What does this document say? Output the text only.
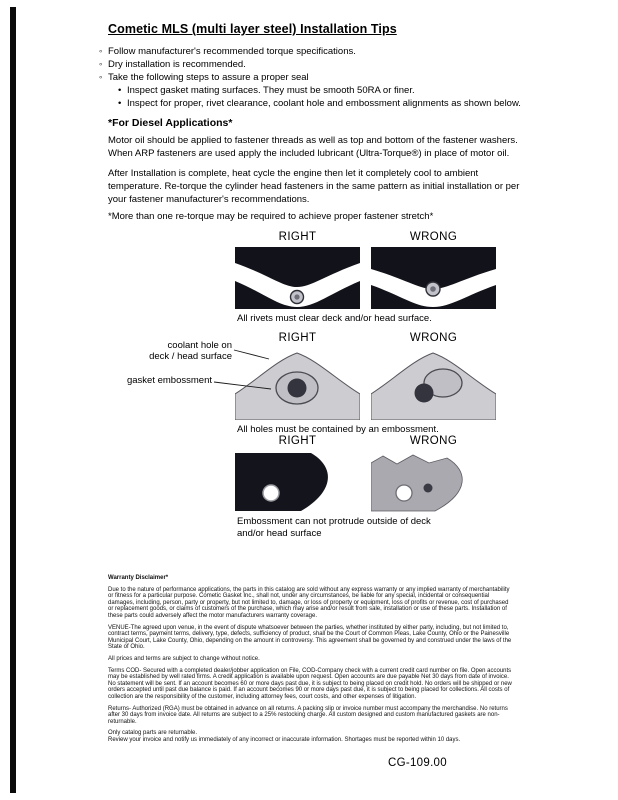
Cometic MLS (multi layer steel) Installation Tips
◦ Follow manufacturer's recommended torque specifications.
◦ Dry installation is recommended.
◦ Take the following steps to assure a proper seal
• Inspect gasket mating surfaces. They must be smooth 50RA or finer.
• Inspect for proper, rivet clearance, coolant hole and embossment alignments as shown below.
*For Diesel Applications*
Motor oil should be applied to fastener threads as well as top and bottom of the fastener washers. When ARP fasteners are used apply the included lubricant (Ultra-Torque®) in place of motor oil.
After Installation is complete, heat cycle the engine then let it completely cool to ambient temperature. Re-torque the cylinder head fasteners in the same pattern as initial installation or per your fastener manufacturer's recommendations.
*More than one re-torque may be required to achieve proper fastener stretch*
RIGHT	WRONG
All rivets must clear deck and/or head surface.
RIGHT	WRONG
coolant hole on
deck / head surface
gasket embossment
All holes must be contained by an embossment.
RIGHT	WRONG
Embossment can not protrude outside of deck
and/or head surface

Warranty Disclaimer*

Due to the nature of performance applications, the parts in this catalog are sold without any express warranty or any implied warranty of merchantability or fitness for a particular purpose. Cometic Gasket Inc., shall not, under any circumstances, be liable for any special, incidental or consequential damages, including, person, party or property, but not limited to, damage, or loss of property or equipment, loss of profits or revenue, cost of purchased or replacement goods, or claims of customers of the purchase, which may arise and/or result from sale, installation or use of these parts. Installation of these parts could adversely affect the motor manufacturers warranty coverage.

VENUE-The agreed upon venue, in the event of dispute whatsoever between the parties, whether instituted by either party, including, but not limited to, contract terms, payment terms, delivery, type, defects, sufficiency of product, shall be the Court of Common Pleas, Lake County, Ohio or the Painesville Municipal Court, Lake County, Ohio, depending on the amount in controversy. This agreement shall be governed by and construed under the laws of the State of Ohio.

All prices and terms are subject to change without notice.

Terms COD- Secured with a completed dealer/jobber application on File, COD-Company check with a current credit card number on file. Open accounts may be established by well rated firms. A credit application is available upon request. Open accounts are due payable Net 30 days from date of invoice. No statement will be sent. If an account becomes 60 or more days past due, it is subject to being placed on credit hold. No orders will be shipped or new orders accepted until past due balance is paid. If an account becomes 90 or more days past due, it is subject to being placed for collections. All costs of collection are the responsibility of the customer, including attorney fees, court costs, and other expenses of litigation.

Returns- Authorized (RGA) must be obtained in advance on all returns. A packing slip or invoice number must accompany the merchandise. No returns after 30 days from invoice date. All returns are subject to a 25% restocking charge. All custom designed and custom manufactured gaskets are non-returnable.

Only catalog parts are returnable.

Review your invoice and notify us immediately of any incorrect or inaccurate information. Shortages must be reported within 10 days.

CG-109.00
